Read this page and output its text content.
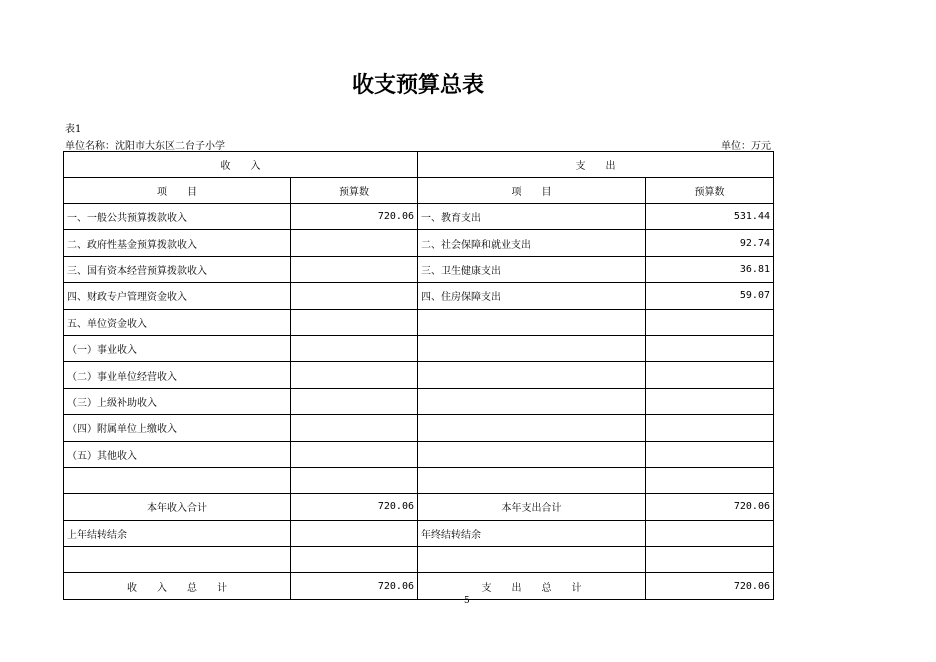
收支预算总表
表1
单位名称：沈阳市大东区二台子小学	单位：万元
收　　入		支　　出	
项　　目	预算数	项　　目	预算数
一、一般公共预算拨款收入	720.06	一、教育支出	531.44
二、政府性基金预算拨款收入		二、社会保障和就业支出	92.74
三、国有资本经营预算拨款收入		三、卫生健康支出	36.81
四、财政专户管理资金收入		四、住房保障支出	59.07
五、单位资金收入			
（一）事业收入			
（二）事业单位经营收入			
（三）上级补助收入			
（四）附属单位上缴收入			
（五）其他收入			

本年收入合计	720.06	本年支出合计	720.06
上年结转结余		年终结转结余	

收　　入　　总　　计	720.06	支　　出　　总　　计	720.06
5
